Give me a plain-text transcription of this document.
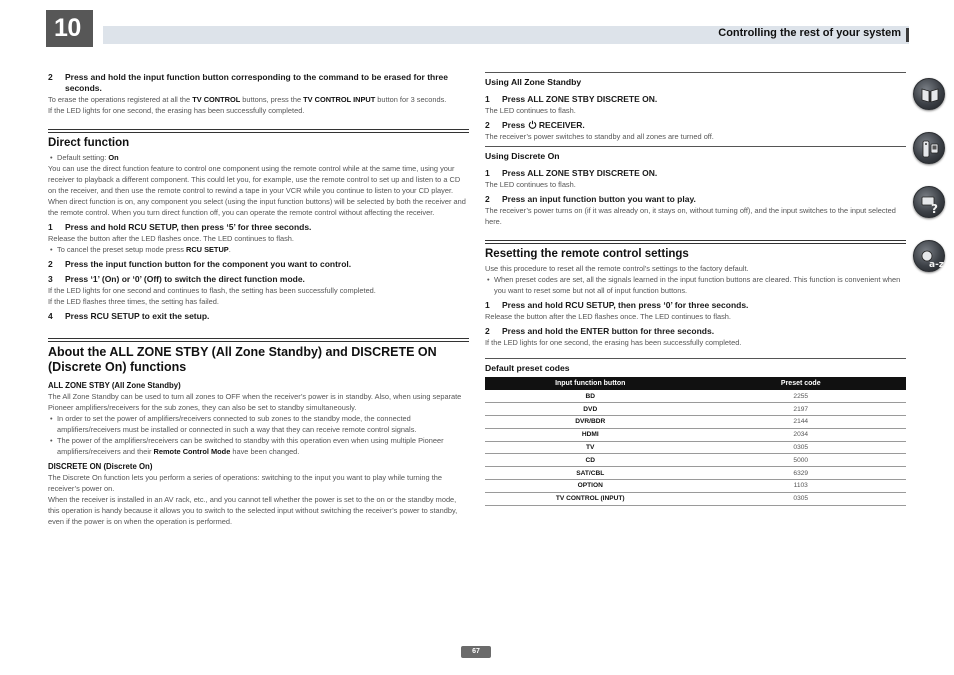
10	Controlling the rest of your system
2	Press and hold the input function button corresponding to the command to be erased for three seconds.
To erase the operations registered at all the TV CONTROL buttons, press the TV CONTROL INPUT button for 3 seconds.
If the LED lights for one second, the erasing has been successfully completed.
Direct function
• Default setting: On
You can use the direct function feature to control one component using the remote control while at the same time, using your receiver to playback a different component. This could let you, for example, use the remote control to set up and listen to a CD on the receiver, and then use the remote control to rewind a tape in your VCR while you continue to listen to your CD player.
When direct function is on, any component you select (using the input function buttons) will be selected by both the receiver and the remote control. When you turn direct function off, you can operate the remote control without affecting the receiver.
1	Press and hold RCU SETUP, then press ‘5’ for three seconds.
Release the button after the LED flashes once. The LED continues to flash.
• To cancel the preset setup mode press RCU SETUP.
2	Press the input function button for the component you want to control.
3	Press ‘1’ (On) or ‘0’ (Off) to switch the direct function mode.
If the LED lights for one second and continues to flash, the setting has been successfully completed.
If the LED flashes three times, the setting has failed.
4	Press RCU SETUP to exit the setup.
About the ALL ZONE STBY (All Zone Standby) and DISCRETE ON (Discrete On) functions
ALL ZONE STBY (All Zone Standby)
The All Zone Standby can be used to turn all zones to OFF when the receiver’s power is in standby. Also, when using separate Pioneer amplifiers/receivers for the sub zones, they can also be set to standby simultaneously.
• In order to set the power of amplifiers/receivers connected to sub zones to the standby mode, the connected amplifiers/receivers must be installed or connected in such a way that they can receive remote control signals.
• The power of the amplifiers/receivers can be switched to standby with this operation even when using multiple Pioneer amplifiers/receivers and their Remote Control Mode have been changed.
DISCRETE ON (Discrete On)
The Discrete On function lets you perform a series of operations: switching to the input you want to play while turning the receiver’s power on.
When the receiver is installed in an AV rack, etc., and you cannot tell whether the power is set to the on or the standby mode, this operation is handy because it allows you to switch to the selected input without switching the receiver’s power to standby, even if the power is on when the operation is performed.
Using All Zone Standby
1	Press ALL ZONE STBY DISCRETE ON.
The LED continues to flash.
2	Press  RECEIVER.
The receiver’s power switches to standby and all zones are turned off.
Using Discrete On
1	Press ALL ZONE STBY DISCRETE ON.
The LED continues to flash.
2	Press an input function button you want to play.
The receiver’s power turns on (if it was already on, it stays on, without turning off), and the input switches to the input selected here.
Resetting the remote control settings
Use this procedure to reset all the remote control’s settings to the factory default.
• When preset codes are set, all the signals learned in the input function buttons are cleared. This function is convenient when you want to reset some but not all of input function buttons.
1	Press and hold RCU SETUP, then press ‘0’ for three seconds.
Release the button after the LED flashes once. The LED continues to flash.
2	Press and hold the ENTER button for three seconds.
If the LED lights for one second, the erasing has been successfully completed.
Default preset codes
Input function button	Preset code
BD	2255
DVD	2197
DVR/BDR	2144
HDMI	2034
TV	0305
CD	5000
SAT/CBL	6329
OPTION	1103
TV CONTROL (INPUT)	0305
?
a-z
67
